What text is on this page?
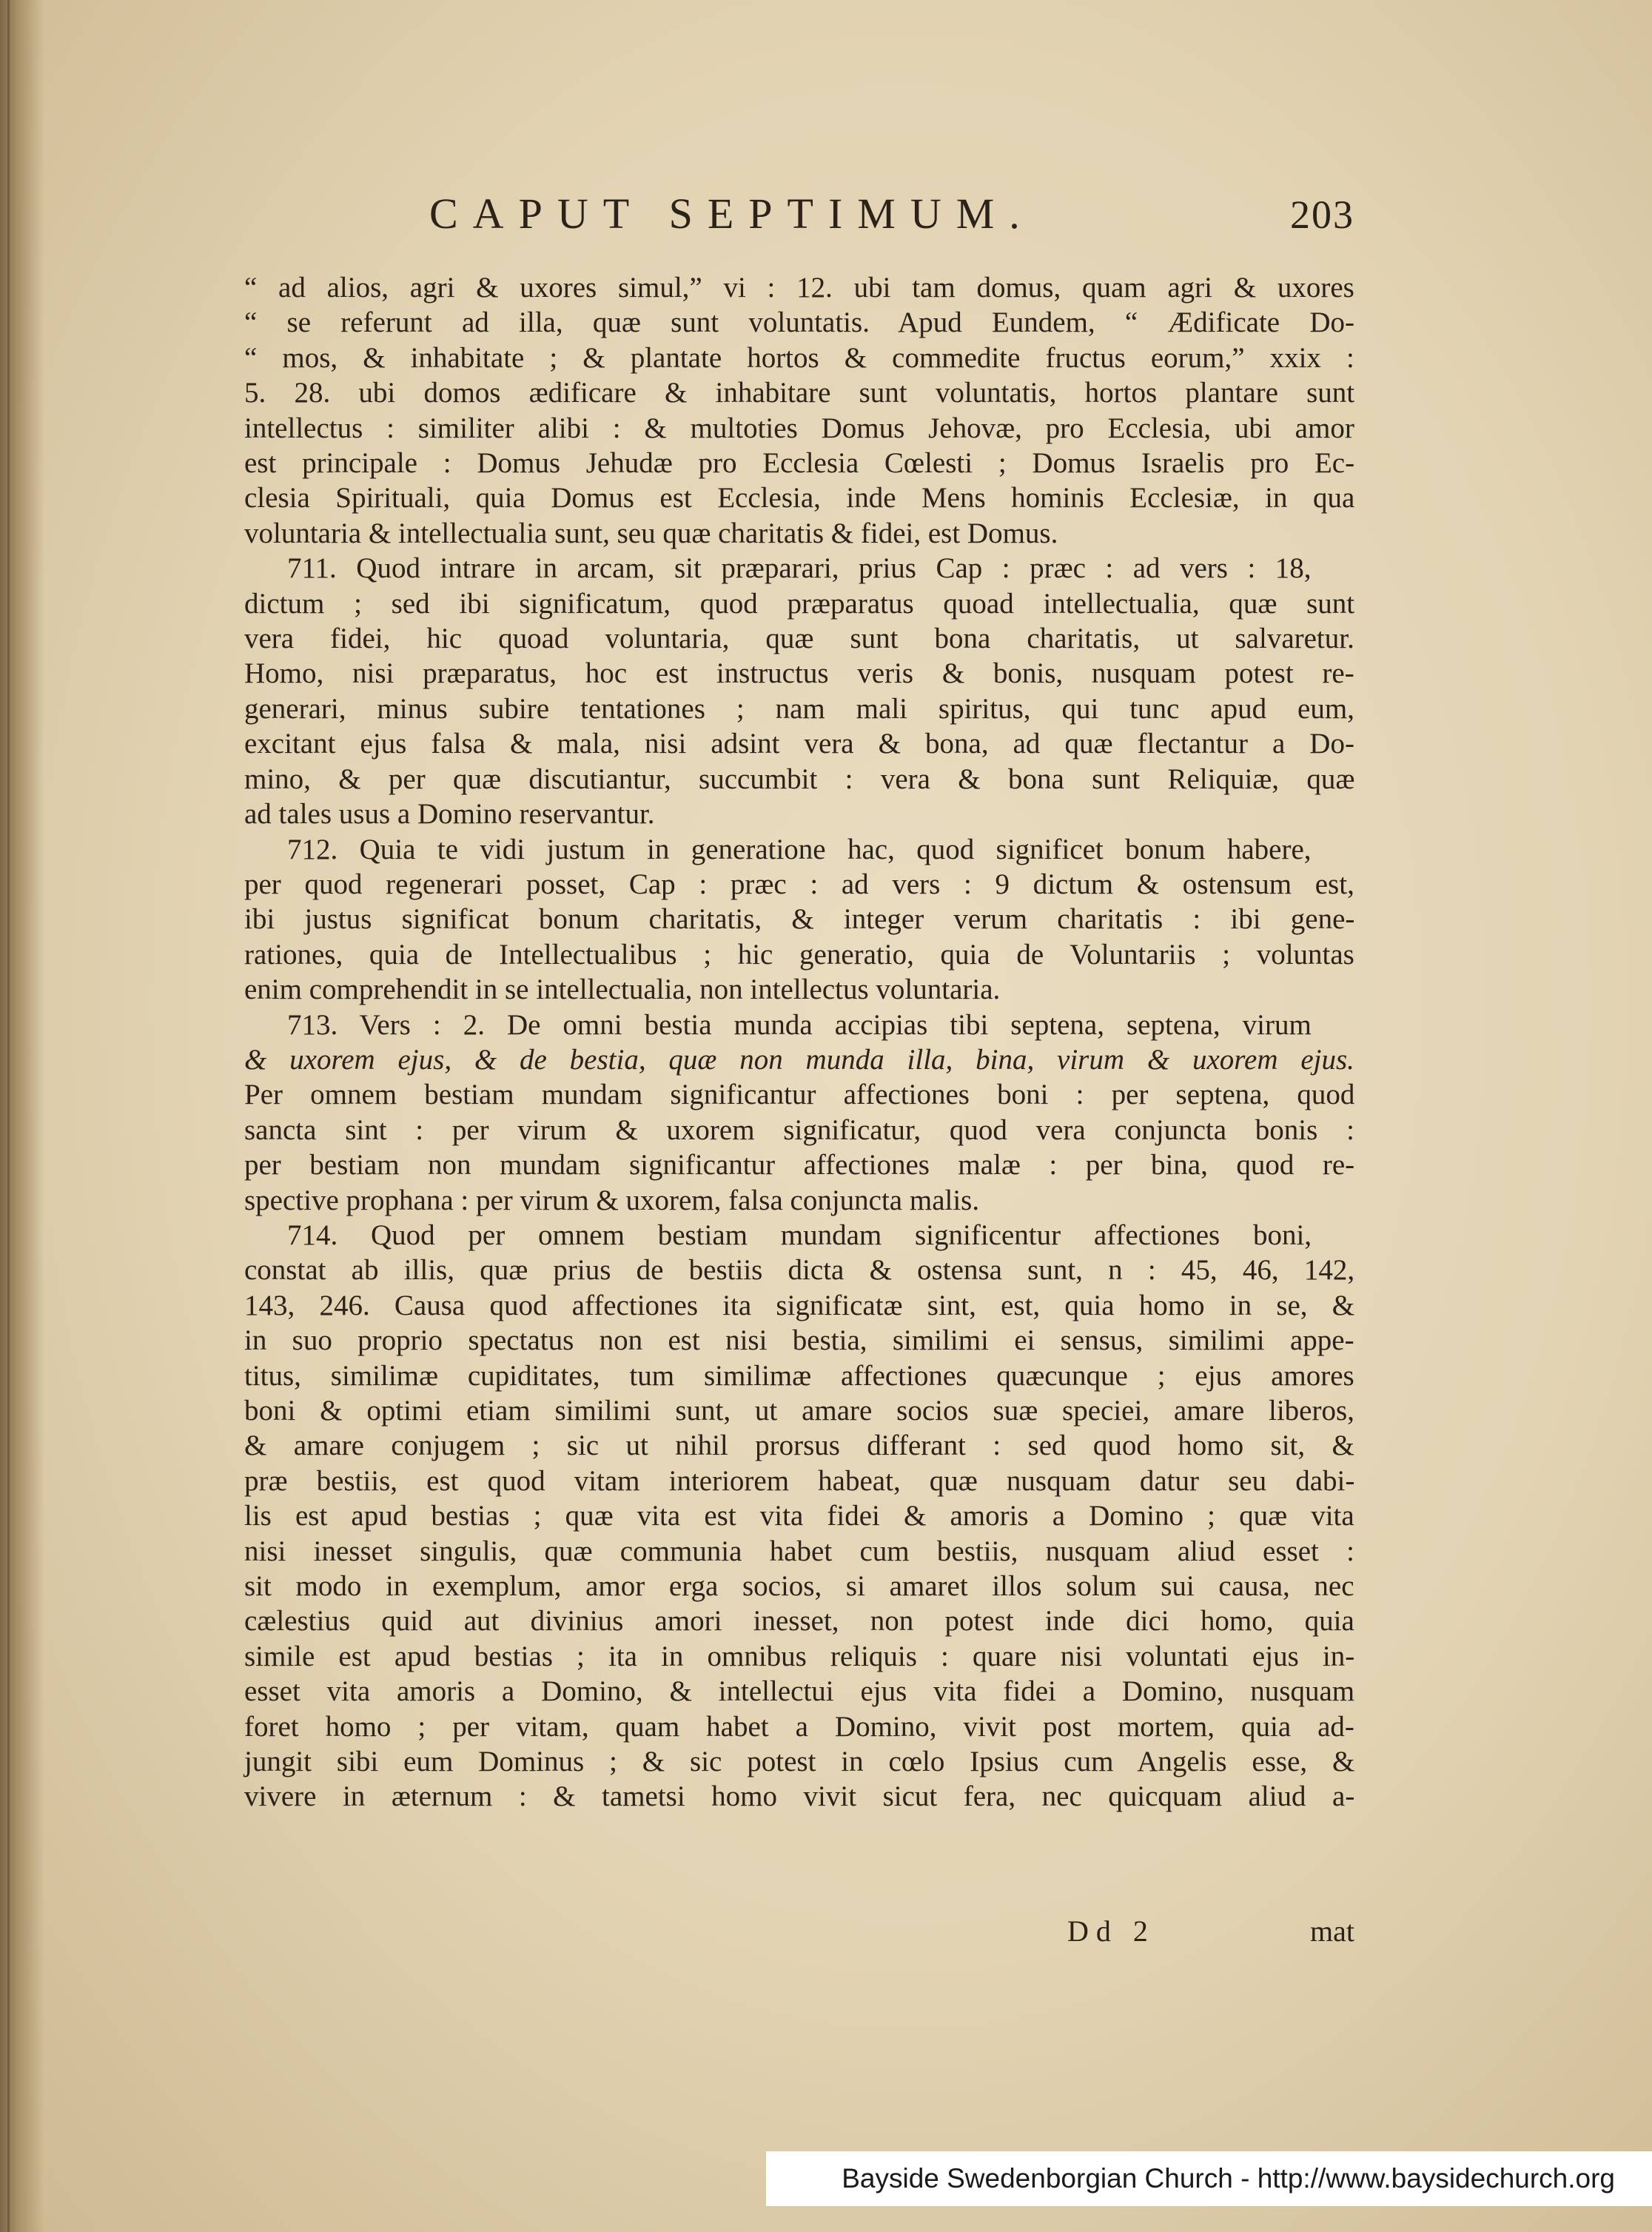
CAPUT SEPTIMUM.	203
“ ad alios, agri & uxores simul,” vi : 12. ubi tam domus, quam agri & uxores
“ se referunt ad illa, quæ sunt voluntatis. Apud Eundem, “ Ædificate Do-
“ mos, & inhabitate ; & plantate hortos & commedite fructus eorum,” xxix :
5. 28. ubi domos ædificare & inhabitare sunt voluntatis, hortos plantare sunt
intellectus : similiter alibi : & multoties Domus Jehovæ, pro Ecclesia, ubi amor
est principale : Domus Jehudæ pro Ecclesia Cœlesti ; Domus Israelis pro Ec-
clesia Spirituali, quia Domus est Ecclesia, inde Mens hominis Ecclesiæ, in qua
voluntaria & intellectualia sunt, seu quæ charitatis & fidei, est Domus.
711. Quod intrare in arcam, sit præparari, prius Cap : præc : ad vers : 18,
dictum ; sed ibi significatum, quod præparatus quoad intellectualia, quæ sunt
vera fidei, hic quoad voluntaria, quæ sunt bona charitatis, ut salvaretur.
Homo, nisi præparatus, hoc est instructus veris & bonis, nusquam potest re-
generari, minus subire tentationes ; nam mali spiritus, qui tunc apud eum,
excitant ejus falsa & mala, nisi adsint vera & bona, ad quæ flectantur a Do-
mino, & per quæ discutiantur, succumbit : vera & bona sunt Reliquiæ, quæ
ad tales usus a Domino reservantur.
712. Quia te vidi justum in generatione hac, quod significet bonum habere,
per quod regenerari posset, Cap : præc : ad vers : 9 dictum & ostensum est,
ibi justus significat bonum charitatis, & integer verum charitatis : ibi gene-
rationes, quia de Intellectualibus ; hic generatio, quia de Voluntariis ; voluntas
enim comprehendit in se intellectualia, non intellectus voluntaria.
713. Vers : 2. De omni bestia munda accipias tibi septena, septena, virum
& uxorem ejus, & de bestia, quæ non munda illa, bina, virum & uxorem ejus.
Per omnem bestiam mundam significantur affectiones boni : per septena, quod
sancta sint : per virum & uxorem significatur, quod vera conjuncta bonis :
per bestiam non mundam significantur affectiones malæ : per bina, quod re-
spective prophana : per virum & uxorem, falsa conjuncta malis.
714. Quod per omnem bestiam mundam significentur affectiones boni,
constat ab illis, quæ prius de bestiis dicta & ostensa sunt, n : 45, 46, 142,
143, 246. Causa quod affectiones ita significatæ sint, est, quia homo in se, &
in suo proprio spectatus non est nisi bestia, similimi ei sensus, similimi appe-
titus, similimæ cupiditates, tum similimæ affectiones quæcunque ; ejus amores
boni & optimi etiam similimi sunt, ut amare socios suæ speciei, amare liberos,
& amare conjugem ; sic ut nihil prorsus differant : sed quod homo sit, &
præ bestiis, est quod vitam interiorem habeat, quæ nusquam datur seu dabi-
lis est apud bestias ; quæ vita est vita fidei & amoris a Domino ; quæ vita
nisi inesset singulis, quæ communia habet cum bestiis, nusquam aliud esset :
sit modo in exemplum, amor erga socios, si amaret illos solum sui causa, nec
cælestius quid aut divinius amori inesset, non potest inde dici homo, quia
simile est apud bestias ; ita in omnibus reliquis : quare nisi voluntati ejus in-
esset vita amoris a Domino, & intellectui ejus vita fidei a Domino, nusquam
foret homo ; per vitam, quam habet a Domino, vivit post mortem, quia ad-
jungit sibi eum Dominus ; & sic potest in cœlo Ipsius cum Angelis esse, &
vivere in æternum : & tametsi homo vivit sicut fera, nec quicquam aliud a-
Dd 2	mat
Bayside Swedenborgian Church - http://www.baysidechurch.org
